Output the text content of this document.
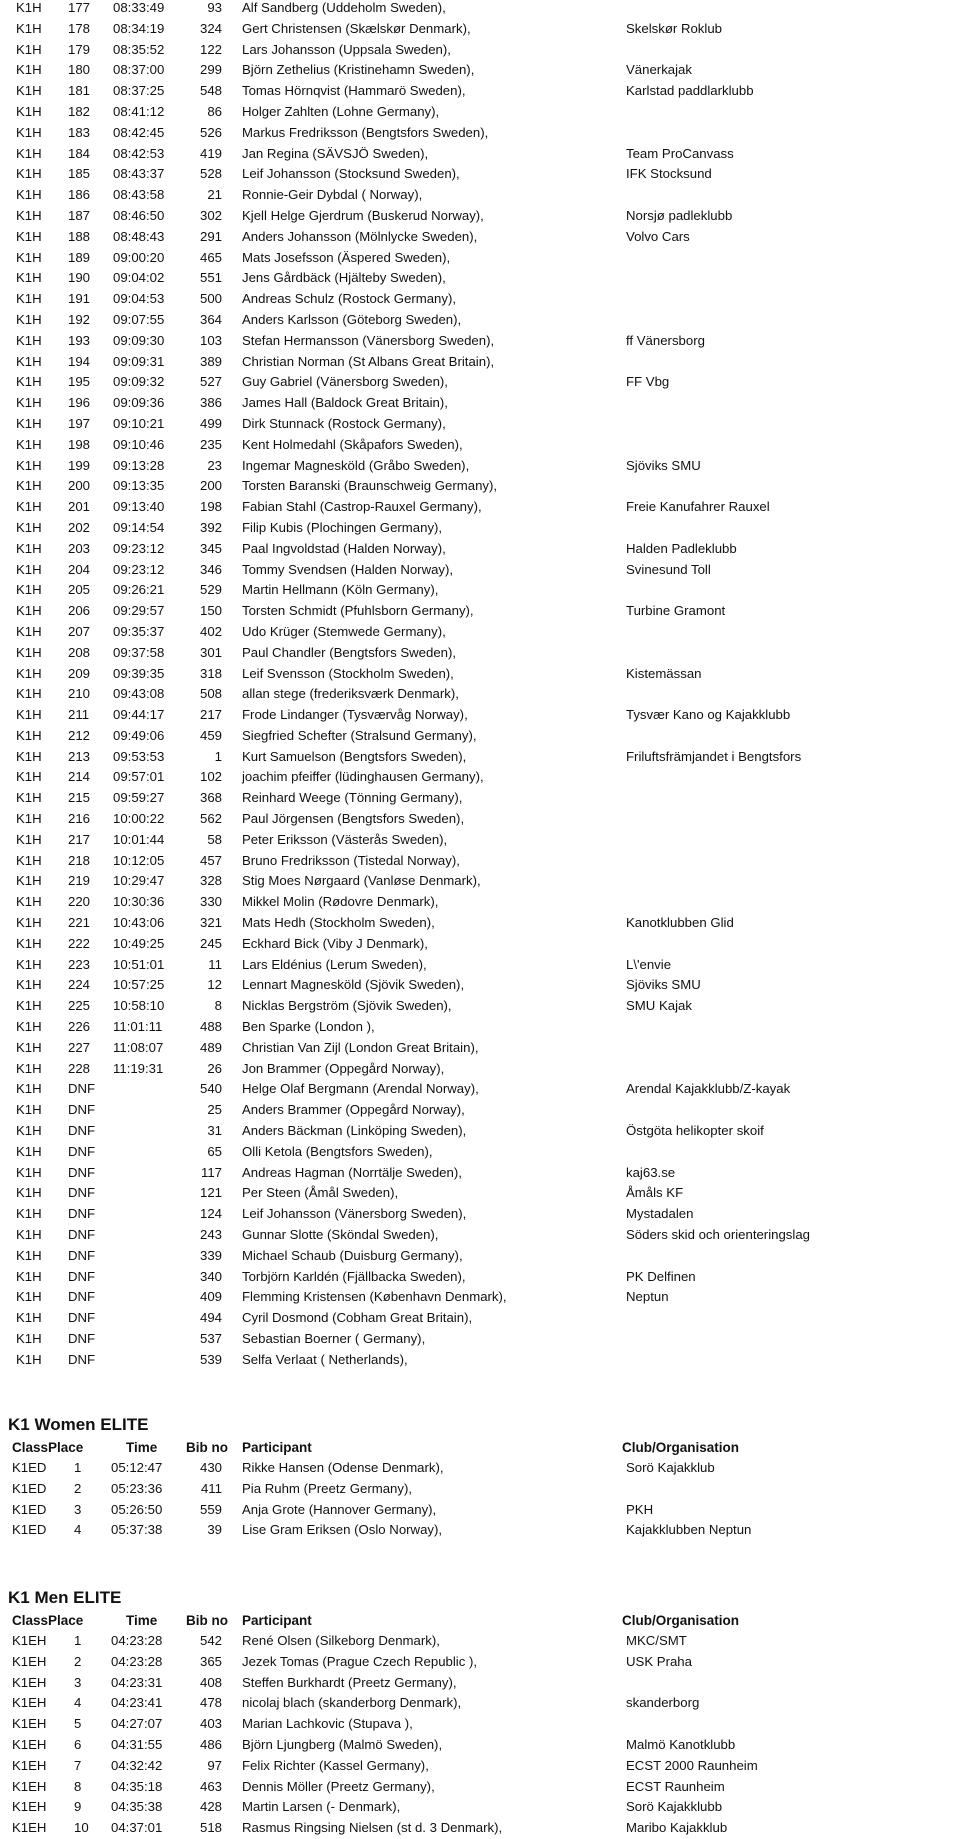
K1H 177	08:33:49	93 Alf Sandberg (Uddeholm Sweden),
K1H 178	08:34:19	324 Gert Christensen (Skælskør Denmark),	Skelskør Roklub
K1H 179	08:35:52	122 Lars Johansson (Uppsala Sweden),
K1H 180	08:37:00	299 Björn Zethelius (Kristinehamn Sweden),	Vänerkajak
K1H 181	08:37:25	548 Tomas Hörnqvist (Hammarö Sweden),	Karlstad paddlarklubb
K1H 182	08:41:12	86 Holger Zahlten (Lohne Germany),
K1H 183	08:42:45	526 Markus Fredriksson (Bengtsfors Sweden),
K1H 184	08:42:53	419 Jan Regina (SÄVSJÖ Sweden),	Team ProCanvass
K1H 185	08:43:37	528 Leif Johansson (Stocksund Sweden),	IFK Stocksund
K1H 186	08:43:58	21 Ronnie-Geir Dybdal ( Norway),
K1H 187	08:46:50	302 Kjell Helge Gjerdrum (Buskerud Norway),	Norsjø padleklubb
K1H 188	08:48:43	291 Anders Johansson (Mölnlycke Sweden),	Volvo Cars
K1H 189	09:00:20	465 Mats Josefsson (Äspered Sweden),
K1H 190	09:04:02	551 Jens Gårdbäck (Hjälteby Sweden),
K1H 191	09:04:53	500 Andreas Schulz (Rostock Germany),
K1H 192	09:07:55	364 Anders Karlsson (Göteborg Sweden),
K1H 193	09:09:30	103 Stefan Hermansson (Vänersborg Sweden),	ff Vänersborg
K1H 194	09:09:31	389 Christian Norman (St Albans Great Britain),
K1H 195	09:09:32	527 Guy Gabriel (Vänersborg Sweden),	FF Vbg
K1H 196	09:09:36	386 James Hall (Baldock Great Britain),
K1H 197	09:10:21	499 Dirk Stunnack (Rostock Germany),
K1H 198	09:10:46	235 Kent Holmedahl (Skåpafors Sweden),
K1H 199	09:13:28	23 Ingemar Magnesköld (Gråbo Sweden),	Sjöviks SMU
K1H 200	09:13:35	200 Torsten Baranski (Braunschweig Germany),
K1H 201	09:13:40	198 Fabian Stahl (Castrop-Rauxel Germany),	Freie Kanufahrer Rauxel
K1H 202	09:14:54	392 Filip Kubis (Plochingen Germany),
K1H 203	09:23:12	345 Paal Ingvoldstad (Halden Norway),	Halden Padleklubb
K1H 204	09:23:12	346 Tommy Svendsen (Halden Norway),	Svinesund Toll
K1H 205	09:26:21	529 Martin Hellmann (Köln Germany),
K1H 206	09:29:57	150 Torsten Schmidt (Pfuhlsborn Germany),	Turbine Gramont
K1H 207	09:35:37	402 Udo Krüger (Stemwede Germany),
K1H 208	09:37:58	301 Paul Chandler (Bengtsfors Sweden),
K1H 209	09:39:35	318 Leif Svensson (Stockholm Sweden),	Kistemässan
K1H 210	09:43:08	508 allan stege (frederiksværk Denmark),
K1H 211	09:44:17	217 Frode Lindanger (Tysværvåg Norway),	Tysvær Kano og Kajakklubb
K1H 212	09:49:06	459 Siegfried Schefter (Stralsund Germany),
K1H 213	09:53:53	1 Kurt Samuelson (Bengtsfors Sweden),	Friluftsfrämjandet i Bengtsfors
K1H 214	09:57:01	102 joachim pfeiffer (lüdinghausen Germany),
K1H 215	09:59:27	368 Reinhard Weege (Tönning Germany),
K1H 216	10:00:22	562 Paul Jörgensen (Bengtsfors Sweden),
K1H 217	10:01:44	58 Peter Eriksson (Västerås Sweden),
K1H 218	10:12:05	457 Bruno Fredriksson (Tistedal Norway),
K1H 219	10:29:47	328 Stig Moes Nørgaard (Vanløse Denmark),
K1H 220	10:30:36	330 Mikkel Molin (Rødovre Denmark),
K1H 221	10:43:06	321 Mats Hedh (Stockholm Sweden),	Kanotklubben Glid
K1H 222	10:49:25	245 Eckhard Bick (Viby J Denmark),
K1H 223	10:51:01	11 Lars Eldénius (Lerum Sweden),	L\'envie
K1H 224	10:57:25	12 Lennart Magnesköld (Sjövik Sweden),	Sjöviks SMU
K1H 225	10:58:10	8 Nicklas Bergström (Sjövik Sweden),	SMU Kajak
K1H 226	11:01:11	488 Ben Sparke (London ),
K1H 227	11:08:07	489 Christian Van Zijl (London Great Britain),
K1H 228	11:19:31	26 Jon Brammer (Oppegård Norway),
K1H DNF	540 Helge Olaf Bergmann (Arendal Norway),	Arendal Kajakklubb/Z-kayak
K1H DNF	25 Anders Brammer (Oppegård Norway),
K1H DNF	31 Anders Bäckman (Linköping Sweden),	Östgöta helikopter skoif
K1H DNF	65 Olli Ketola (Bengtsfors Sweden),
K1H DNF	117 Andreas Hagman (Norrtälje Sweden),	kaj63.se
K1H DNF	121 Per Steen (Åmål Sweden),	Åmåls KF
K1H DNF	124 Leif Johansson (Vänersborg Sweden),	Mystadalen
K1H DNF	243 Gunnar Slotte (Sköndal Sweden),	Söders skid och orienteringslag
K1H DNF	339 Michael Schaub (Duisburg Germany),
K1H DNF	340 Torbjörn Karldén (Fjällbacka Sweden),	PK Delfinen
K1H DNF	409 Flemming Kristensen (København Denmark),	Neptun
K1H DNF	494 Cyril Dosmond (Cobham Great Britain),
K1H DNF	537 Sebastian Boerner ( Germany),
K1H DNF	539 Selfa Verlaat ( Netherlands),
K1 Women ELITE
Class Place	Time Bib no Participant	Club/Organisation
K1ED 1	05:12:47	430 Rikke Hansen (Odense Denmark),	Sorö Kajakklub
K1ED 2	05:23:36	411 Pia Ruhm (Preetz Germany),
K1ED 3	05:26:50	559 Anja Grote (Hannover Germany),	PKH
K1ED 4	05:37:38	39 Lise Gram Eriksen (Oslo Norway),	Kajakklubben Neptun
K1 Men ELITE
Class Place	Time Bib no Participant	Club/Organisation
K1EH 1	04:23:28	542 René Olsen (Silkeborg Denmark),	MKC/SMT
K1EH 2	04:23:28	365 Jezek Tomas (Prague Czech Republic ),	USK Praha
K1EH 3	04:23:31	408 Steffen Burkhardt (Preetz Germany),
K1EH 4	04:23:41	478 nicolaj blach (skanderborg Denmark),	skanderborg
K1EH 5	04:27:07	403 Marian Lachkovic (Stupava ),
K1EH 6	04:31:55	486 Björn Ljungberg (Malmö Sweden),	Malmö Kanotklubb
K1EH 7	04:32:42	97 Felix Richter (Kassel Germany),	ECST 2000 Raunheim
K1EH 8	04:35:18	463 Dennis Möller (Preetz Germany),	ECST Raunheim
K1EH 9	04:35:38	428 Martin Larsen (- Denmark),	Sorö Kajakklubb
K1EH 10	04:37:01	518 Rasmus Ringsing Nielsen (st d. 3 Denmark),	Maribo Kajakklub
